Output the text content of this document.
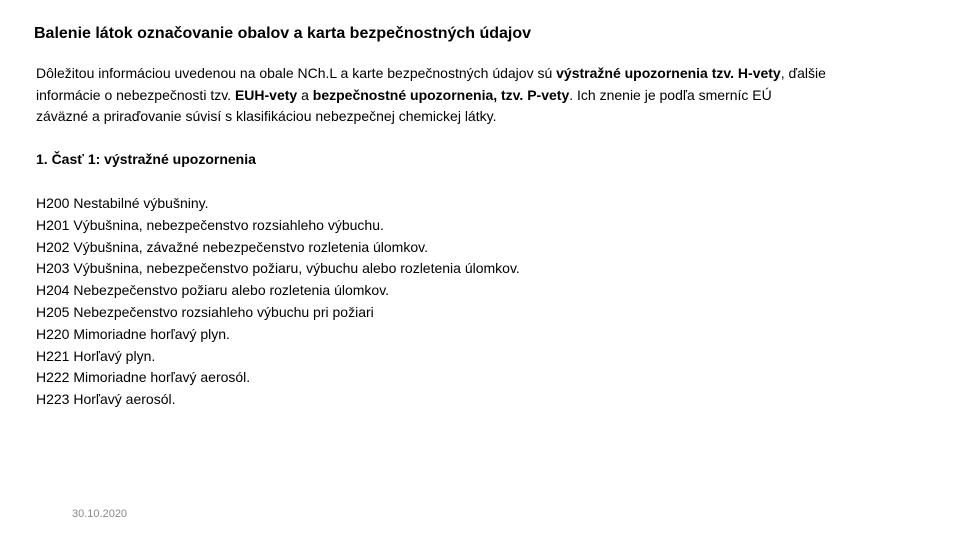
Balenie látok označovanie obalov a karta bezpečnostných údajov

Dôležitou informáciou uvedenou na obale NCh.L a karte bezpečnostných údajov sú výstražné upozornenia tzv. H-vety, ďalšie informácie o nebezpečnosti tzv. EUH-vety a bezpečnostné upozornenia, tzv. P-vety. Ich znenie je podľa smerníc EÚ záväzné a priraďovanie súvisí s klasifikáciou nebezpečnej chemickej látky.

1. Časť 1: výstražné upozornenia
H200 Nestabilné výbušniny.
H201 Výbušnina, nebezpečenstvo rozsiahleho výbuchu.
H202 Výbušnina, závažné nebezpečenstvo rozletenia úlomkov.
H203 Výbušnina, nebezpečenstvo požiaru, výbuchu alebo rozletenia úlomkov.
H204 Nebezpečenstvo požiaru alebo rozletenia úlomkov.
H205 Nebezpečenstvo rozsiahleho výbuchu pri požiari
H220 Mimoriadne horľavý plyn.
H221 Horľavý plyn.
H222 Mimoriadne horľavý aerosól.
H223 Horľavý aerosól.
30.10.2020
